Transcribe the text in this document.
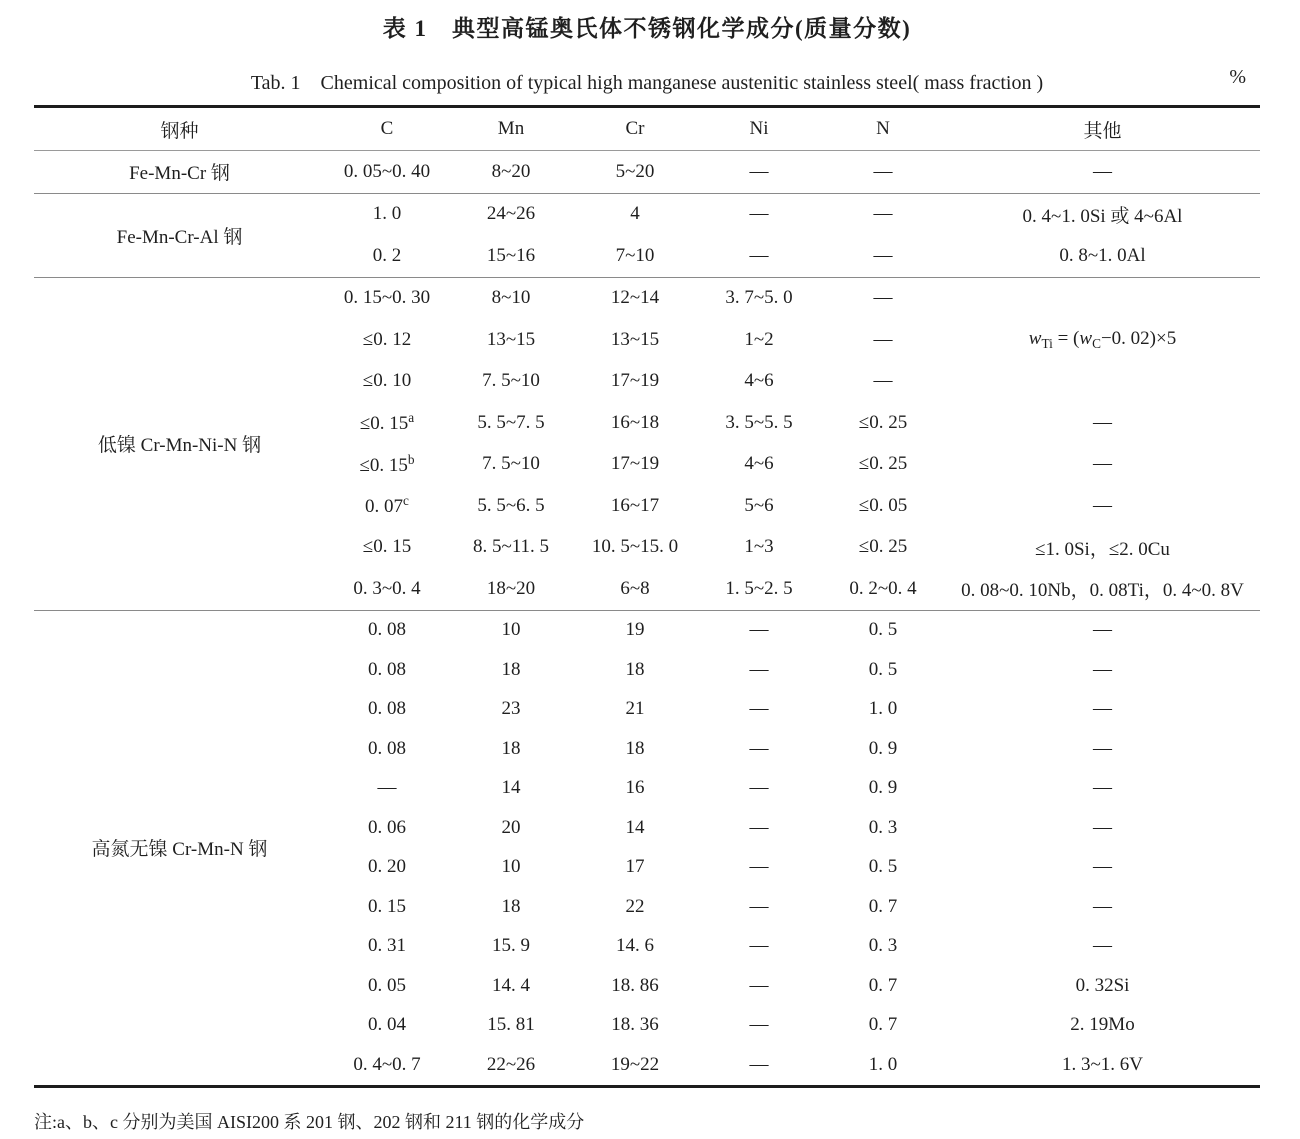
表 1　典型高锰奥氏体不锈钢化学成分(质量分数)
Tab. 1　Chemical composition of typical high manganese austenitic stainless steel( mass fraction )	%
钢种	C	Mn	Cr	Ni	N	其他
Fe-Mn-Cr 钢	0. 05~0. 40	8~20	5~20	—	—	—
Fe-Mn-Cr-Al 钢	1. 0	24~26	4	—	—	0. 4~1. 0Si 或 4~6Al
	0. 2	15~16	7~10	—	—	0. 8~1. 0Al
低镍 Cr-Mn-Ni-N 钢	0. 15~0. 30	8~10	12~14	3. 7~5. 0	—	
	≤0. 12	13~15	13~15	1~2	—	$w_{Ti} = (w_C-0$. 02)×5
	≤0. 10	7. 5~10	17~19	4~6	—	
	≤0. 15$^a$	5. 5~7. 5	16~18	3. 5~5. 5	≤0. 25	—
	≤0. 15$^b$	7. 5~10	17~19	4~6	≤0. 25	—
	0. 07$^c$	5. 5~6. 5	16~17	5~6	≤0. 05	—
	≤0. 15	8. 5~11. 5	10. 5~15. 0	1~3	≤0. 25	≤1. 0Si，≤2. 0Cu
	0. 3~0. 4	18~20	6~8	1. 5~2. 5	0. 2~0. 4	0. 08~0. 10Nb，0. 08Ti，0. 4~0. 8V
高氮无镍 Cr-Mn-N 钢	0. 08	10	19	—	0. 5	—
	0. 08	18	18	—	0. 5	—
	0. 08	23	21	—	1. 0	—
	0. 08	18	18	—	0. 9	—
	—	14	16	—	0. 9	—
	0. 06	20	14	—	0. 3	—
	0. 20	10	17	—	0. 5	—
	0. 15	18	22	—	0. 7	—
	0. 31	15. 9	14. 6	—	0. 3	—
	0. 05	14. 4	18. 86	—	0. 7	0. 32Si
	0. 04	15. 81	18. 36	—	0. 7	2. 19Mo
	0. 4~0. 7	22~26	19~22	—	1. 0	1. 3~1. 6V
注:a、b、c 分别为美国 AISI200 系 201 钢、202 钢和 211 钢的化学成分
